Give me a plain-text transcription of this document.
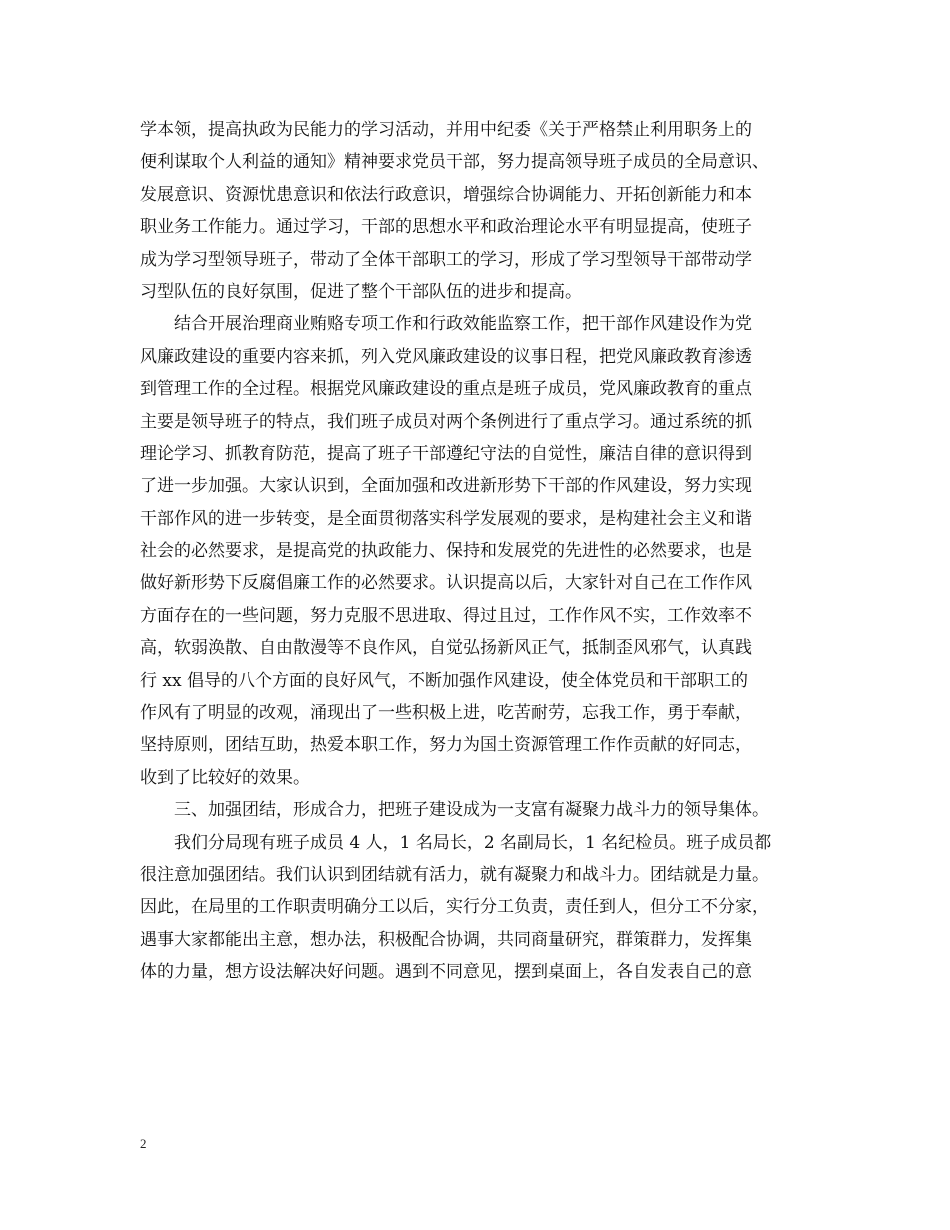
学本领，提高执政为民能力的学习活动，并用中纪委《关于严格禁止利用职务上的
便利谋取个人利益的通知》精神要求党员干部，努力提高领导班子成员的全局意识、
发展意识、资源忧患意识和依法行政意识，增强综合协调能力、开拓创新能力和本
职业务工作能力。通过学习，干部的思想水平和政治理论水平有明显提高，使班子
成为学习型领导班子，带动了全体干部职工的学习，形成了学习型领导干部带动学
习型队伍的良好氛围，促进了整个干部队伍的进步和提高。
　　结合开展治理商业贿赂专项工作和行政效能监察工作，把干部作风建设作为党
风廉政建设的重要内容来抓，列入党风廉政建设的议事日程，把党风廉政教育渗透
到管理工作的全过程。根据党风廉政建设的重点是班子成员，党风廉政教育的重点
主要是领导班子的特点，我们班子成员对两个条例进行了重点学习。通过系统的抓
理论学习、抓教育防范，提高了班子干部遵纪守法的自觉性，廉洁自律的意识得到
了进一步加强。大家认识到，全面加强和改进新形势下干部的作风建设，努力实现
干部作风的进一步转变，是全面贯彻落实科学发展观的要求，是构建社会主义和谐
社会的必然要求，是提高党的执政能力、保持和发展党的先进性的必然要求，也是
做好新形势下反腐倡廉工作的必然要求。认识提高以后，大家针对自己在工作作风
方面存在的一些问题，努力克服不思进取、得过且过，工作作风不实，工作效率不
高，软弱涣散、自由散漫等不良作风，自觉弘扬新风正气，抵制歪风邪气，认真践
行 xx 倡导的八个方面的良好风气，不断加强作风建设，使全体党员和干部职工的
作风有了明显的改观，涌现出了一些积极上进，吃苦耐劳，忘我工作，勇于奉献，
坚持原则，团结互助，热爱本职工作，努力为国土资源管理工作作贡献的好同志，
收到了比较好的效果。
　　三、加强团结，形成合力，把班子建设成为一支富有凝聚力战斗力的领导集体。
　　我们分局现有班子成员 4 人，1 名局长，2 名副局长，1 名纪检员。班子成员都
很注意加强团结。我们认识到团结就有活力，就有凝聚力和战斗力。团结就是力量。
因此，在局里的工作职责明确分工以后，实行分工负责，责任到人，但分工不分家，
遇事大家都能出主意，想办法，积极配合协调，共同商量研究，群策群力，发挥集
体的力量，想方设法解决好问题。遇到不同意见，摆到桌面上，各自发表自己的意
2
